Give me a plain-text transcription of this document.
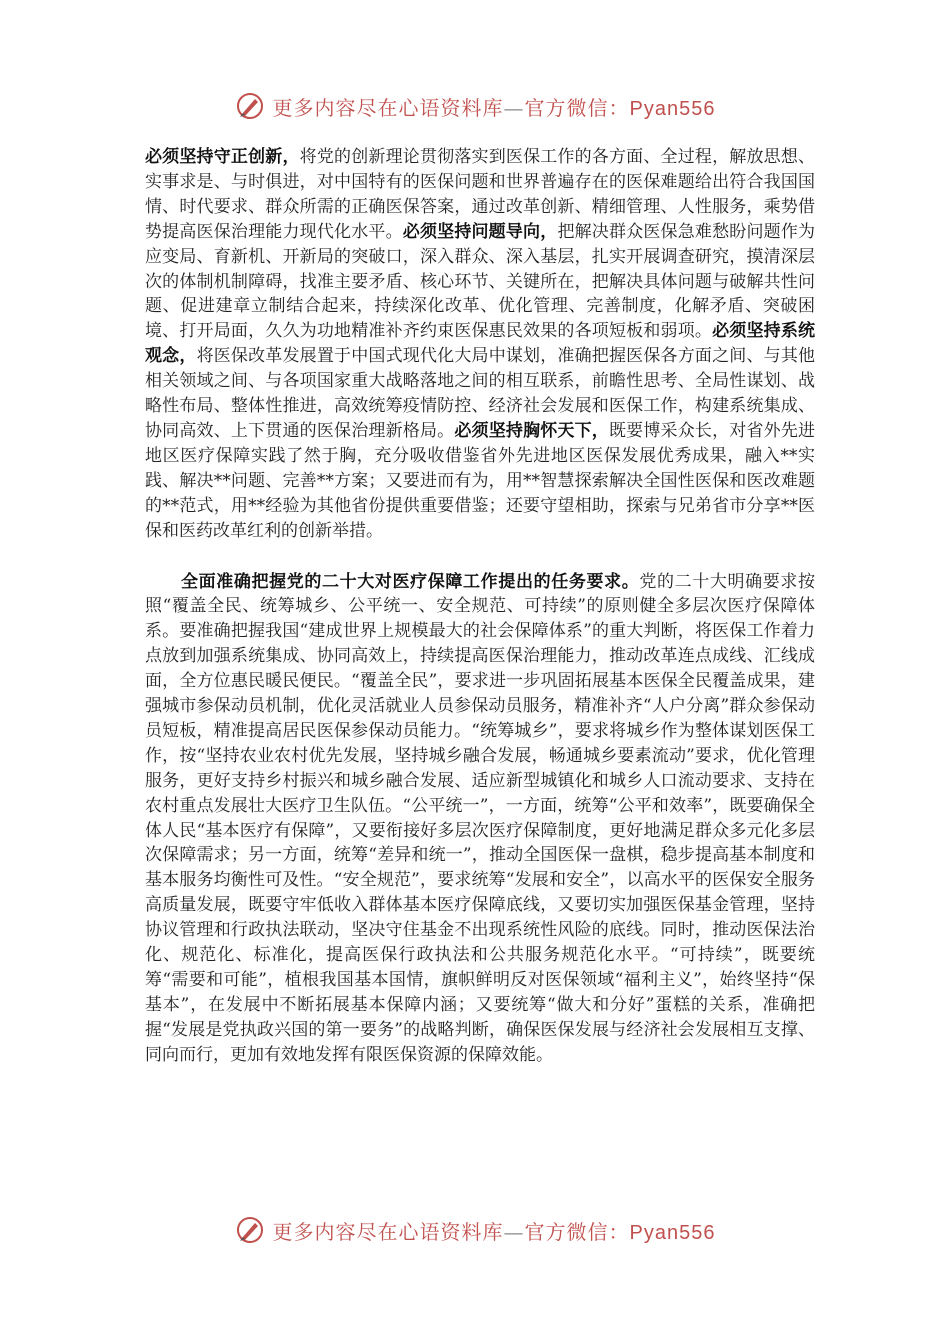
更多内容尽在心语资料库—官方微信：Pyan556

必须坚持守正创新，将党的创新理论贯彻落实到医保工作的各方面、全过程，解放思想、实事求是、与时俱进，对中国特有的医保问题和世界普遍存在的医保难题给出符合我国国情、时代要求、群众所需的正确医保答案，通过改革创新、精细管理、人性服务，乘势借势提高医保治理能力现代化水平。必须坚持问题导向，把解决群众医保急难愁盼问题作为应变局、育新机、开新局的突破口，深入群众、深入基层，扎实开展调查研究，摸清深层次的体制机制障碍，找准主要矛盾、核心环节、关键所在，把解决具体问题与破解共性问题、促进建章立制结合起来，持续深化改革、优化管理、完善制度，化解矛盾、突破困境、打开局面，久久为功地精准补齐约束医保惠民效果的各项短板和弱项。必须坚持系统观念，将医保改革发展置于中国式现代化大局中谋划，准确把握医保各方面之间、与其他相关领域之间、与各项国家重大战略落地之间的相互联系，前瞻性思考、全局性谋划、战略性布局、整体性推进，高效统筹疫情防控、经济社会发展和医保工作，构建系统集成、协同高效、上下贯通的医保治理新格局。必须坚持胸怀天下，既要博采众长，对省外先进地区医疗保障实践了然于胸，充分吸收借鉴省外先进地区医保发展优秀成果，融入**实践、解决**问题、完善**方案；又要进而有为，用**智慧探索解决全国性医保和医改难题的**范式，用**经验为其他省份提供重要借鉴；还要守望相助，探索与兄弟省市分享**医保和医药改革红利的创新举措。

全面准确把握党的二十大对医疗保障工作提出的任务要求。党的二十大明确要求按照“覆盖全民、统筹城乡、公平统一、安全规范、可持续”的原则健全多层次医疗保障体系。要准确把握我国“建成世界上规模最大的社会保障体系”的重大判断，将医保工作着力点放到加强系统集成、协同高效上，持续提高医保治理能力，推动改革连点成线、汇线成面，全方位惠民暖民便民。“覆盖全民”，要求进一步巩固拓展基本医保全民覆盖成果，建强城市参保动员机制，优化灵活就业人员参保动员服务，精准补齐“人户分离”群众参保动员短板，精准提高居民医保参保动员能力。“统筹城乡”，要求将城乡作为整体谋划医保工作，按“坚持农业农村优先发展，坚持城乡融合发展，畅通城乡要素流动”要求，优化管理服务，更好支持乡村振兴和城乡融合发展、适应新型城镇化和城乡人口流动要求、支持在农村重点发展壮大医疗卫生队伍。“公平统一”，一方面，统筹“公平和效率”，既要确保全体人民“基本医疗有保障”，又要衔接好多层次医疗保障制度，更好地满足群众多元化多层次保障需求；另一方面，统筹“差异和统一”，推动全国医保一盘棋，稳步提高基本制度和基本服务均衡性可及性。“安全规范”，要求统筹“发展和安全”，以高水平的医保安全服务高质量发展，既要守牢低收入群体基本医疗保障底线，又要切实加强医保基金管理，坚持协议管理和行政执法联动，坚决守住基金不出现系统性风险的底线。同时，推动医保法治化、规范化、标准化，提高医保行政执法和公共服务规范化水平。“可持续”，既要统筹“需要和可能”，植根我国基本国情，旗帜鲜明反对医保领域“福利主义”，始终坚持“保基本”，在发展中不断拓展基本保障内涵；又要统筹“做大和分好”蛋糕的关系，准确把握“发展是党执政兴国的第一要务”的战略判断，确保医保发展与经济社会发展相互支撑、同向而行，更加有效地发挥有限医保资源的保障效能。

更多内容尽在心语资料库—官方微信：Pyan556
